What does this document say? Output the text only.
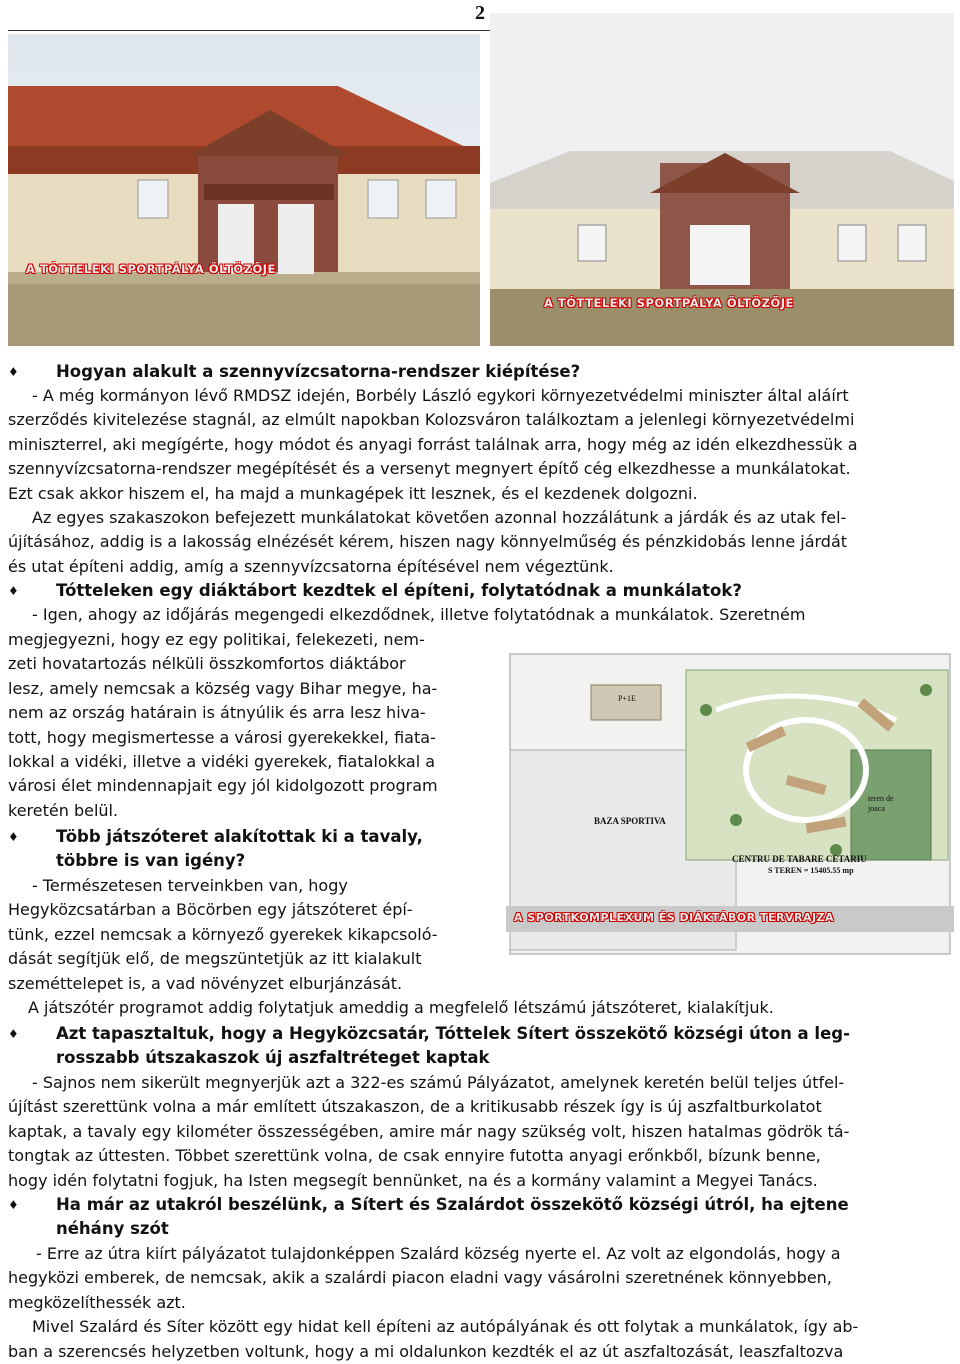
2
A TÓTTELEKI SPORTPÁLYA ÖLTÖZŐJE
A TÓTTELEKI SPORTPÁLYA ÖLTÖZŐJE
♦ Hogyan alakult a szennyvízcsatorna-rendszer kiépítése?
- A még kormányon lévő RMDSZ idején, Borbély László egykori környezetvédelmi miniszter által aláírt
szerződés kivitelezése stagnál, az elmúlt napokban Kolozsváron találkoztam a jelenlegi környezetvédelmi
miniszterrel, aki megígérte, hogy módot és anyagi forrást találnak arra, hogy még az idén elkezdhessük a
szennyvízcsatorna-rendszer megépítését és a versenyt megnyert építő cég elkezdhesse a munkálatokat.
Ezt csak akkor hiszem el, ha majd a munkagépek itt lesznek, és el kezdenek dolgozni.
Az egyes szakaszokon befejezett munkálatokat követően azonnal hozzálátunk a járdák és az utak fel-
újításához, addig is a lakosság elnézését kérem, hiszen nagy könnyelműség és pénzkidobás lenne járdát
és utat építeni addig, amíg a szennyvízcsatorna építésével nem végeztünk.
♦ Tótteleken egy diáktábort kezdtek el építeni, folytatódnak a munkálatok?
- Igen, ahogy az időjárás megengedi elkezdődnek, illetve folytatódnak a munkálatok. Szeretném
megjegyezni, hogy ez egy politikai, felekezeti, nem-
zeti hovatartozás nélküli összkomfortos diáktábor
lesz, amely nemcsak a község vagy Bihar megye, ha-
nem az ország határain is átnyúlik és arra lesz hiva-
tott, hogy megismertesse a városi gyerekekkel, fiata-
lokkal a vidéki, illetve a vidéki gyerekek, fiatalokkal a
városi élet mindennapjait egy jól kidolgozott program
keretén belül.
♦ Több játszóteret alakítottak ki a tavaly,
többre is van igény?
- Természetesen terveinkben van, hogy
Hegyközcsatárban a Böcörben egy játszóteret épí-
tünk, ezzel nemcsak a környező gyerekek kikapcsoló-
dását segítjük elő, de megszüntetjük az itt kialakult
szeméttelepet is, a vad növényzet elburjánzását.
A játszótér programot addig folytatjuk ameddig a megfelelő létszámú játszóteret, kialakítjuk.
P+1E
BAZA SPORTIVA
teren de joaca
CENTRU DE TABARE CETARIU
S TEREN = 15405.55 mp
A SPORTKOMPLEXUM ÉS DIÁKTÁBOR TERVRAJZA
♦ Azt tapasztaltuk, hogy a Hegyközcsatár, Tóttelek Sítert összekötő községi úton a leg-
rosszabb útszakaszok új aszfaltréteget kaptak
- Sajnos nem sikerült megnyerjük azt a 322-es számú Pályázatot, amelynek keretén belül teljes útfel-
újítást szerettünk volna a már említett útszakaszon, de a kritikusabb részek így is új aszfaltburkolatot
kaptak, a tavaly egy kilométer összességében, amire már nagy szükség volt, hiszen hatalmas gödrök tá-
tongtak az úttesten. Többet szerettünk volna, de csak ennyire futotta anyagi erőnkből, bízunk benne,
hogy idén folytatni fogjuk, ha Isten megsegít bennünket, na és a kormány valamint a Megyei Tanács.
♦ Ha már az utakról beszélünk, a Sítert és Szalárdot összekötő községi útról, ha ejtene
néhány szót
- Erre az útra kiírt pályázatot tulajdonképpen Szalárd község nyerte el. Az volt az elgondolás, hogy a
hegyközi emberek, de nemcsak, akik a szalárdi piacon eladni vagy vásárolni szeretnének könnyebben,
megközelíthessék azt.
Mivel Szalárd és Síter között egy hidat kell építeni az autópályának és ott folytak a munkálatok, így ab-
ban a szerencsés helyzetben voltunk, hogy a mi oldalunkon kezdték el az út aszfaltozását, leaszfaltozva
